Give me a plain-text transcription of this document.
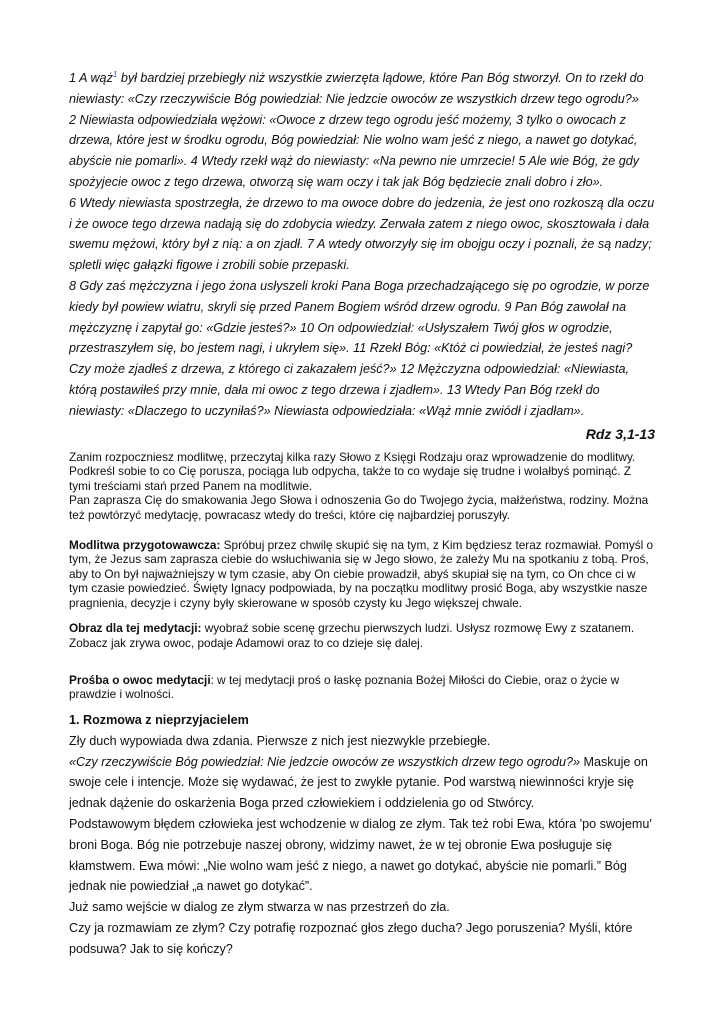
1 A wąż$^1$ był bardziej przebiegły niż wszystkie zwierzęta lądowe, które Pan Bóg stworzył. On to rzekł do niewiasty: «Czy rzeczywiście Bóg powiedział: Nie jedzcie owoców ze wszystkich drzew tego ogrodu?»

2 Niewiasta odpowiedziała wężowi: «Owoce z drzew tego ogrodu jeść możemy, 3 tylko o owocach z drzewa, które jest w środku ogrodu, Bóg powiedział: Nie wolno wam jeść z niego, a nawet go dotykać, abyście nie pomarli». 4 Wtedy rzekł wąż do niewiasty: «Na pewno nie umrzecie! 5 Ale wie Bóg, że gdy spożyjecie owoc z tego drzewa, otworzą się wam oczy i tak jak Bóg będziecie znali dobro i zło».

6 Wtedy niewiasta spostrzegła, że drzewo to ma owoce dobre do jedzenia, że jest ono rozkoszą dla oczu i że owoce tego drzewa nadają się do zdobycia wiedzy. Zerwała zatem z niego owoc, skosztowała i dała swemu mężowi, który był z nią: a on zjadł. 7 A wtedy otworzyły się im obojgu oczy i poznali, że są nadzy; spletli więc gałązki figowe i zrobili sobie przepaski.

8 Gdy zaś mężczyzna i jego żona usłyszeli kroki Pana Boga przechadzającego się po ogrodzie, w porze kiedy był powiew wiatru, skryli się przed Panem Bogiem wśród drzew ogrodu. 9 Pan Bóg zawołał na mężczyznę i zapytał go: «Gdzie jesteś?» 10 On odpowiedział: «Usłyszałem Twój głos w ogrodzie, przestraszyłem się, bo jestem nagi, i ukryłem się». 11 Rzekł Bóg: «Któż ci powiedział, że jesteś nagi? Czy może zjadłeś z drzewa, z którego ci zakazałem jeść?» 12 Mężczyzna odpowiedział: «Niewiasta, którą postawiłeś przy mnie, dała mi owoc z tego drzewa i zjadłem». 13 Wtedy Pan Bóg rzekł do niewiasty: «Dlaczego to uczyniłaś?» Niewiasta odpowiedziała: «Wąż mnie zwiódł i zjadłam».

Rdz 3,1-13

Zanim rozpoczniesz modlitwę, przeczytaj kilka razy Słowo z Księgi Rodzaju oraz wprowadzenie do modlitwy. Podkreśl sobie to co Cię porusza, pociąga lub odpycha, także to co wydaje się trudne i wolałbyś pominąć. Z tymi treściami stań przed Panem na modlitwie.

Pan zaprasza Cię do smakowania Jego Słowa i odnoszenia Go do Twojego życia, małżeństwa, rodziny. Można też powtórzyć medytację, powracasz wtedy do treści, które cię najbardziej poruszyły.

Modlitwa przygotowawcza: Spróbuj przez chwilę skupić się na tym, z Kim będziesz teraz rozmawiał. Pomyśl o tym, że Jezus sam zaprasza ciebie do wsłuchiwania się w Jego słowo, że zależy Mu na spotkaniu z tobą. Proś, aby to On był najważniejszy w tym czasie, aby On ciebie prowadził, abyś skupiał się na tym, co On chce ci w tym czasie powiedzieć. Święty Ignacy podpowiada, by na początku modlitwy prosić Boga, aby wszystkie nasze pragnienia, decyzje i czyny były skierowane w sposób czysty ku Jego większej chwale.

Obraz dla tej medytacji: wyobraź sobie scenę grzechu pierwszych ludzi. Usłysz rozmowę Ewy z szatanem. Zobacz jak zrywa owoc, podaje Adamowi oraz to co dzieje się dalej.

Prośba o owoc medytacji: w tej medytacji proś o łaskę poznania Bożej Miłości do Ciebie, oraz o życie w prawdzie i wolności.

1. Rozmowa z nieprzyjacielem

Zły duch wypowiada dwa zdania. Pierwsze z nich jest niezwykle przebiegłe.

«Czy rzeczywiście Bóg powiedział: Nie jedzcie owoców ze wszystkich drzew tego ogrodu?» Maskuje on swoje cele i intencje. Może się wydawać, że jest to zwykłe pytanie. Pod warstwą niewinności kryje się jednak dążenie do oskarżenia Boga przed człowiekiem i oddzielenia go od Stwórcy.

Podstawowym błędem człowieka jest wchodzenie w dialog ze złym. Tak też robi Ewa, która 'po swojemu' broni Boga. Bóg nie potrzebuje naszej obrony, widzimy nawet, że w tej obronie Ewa posługuje się kłamstwem. Ewa mówi: „Nie wolno wam jeść z niego, a nawet go dotykać, abyście nie pomarli.” Bóg jednak nie powiedział „a nawet go dotykać”.

Już samo wejście w dialog ze złym stwarza w nas przestrzeń do zła.

Czy ja rozmawiam ze złym? Czy potrafię rozpoznać głos złego ducha? Jego poruszenia? Myśli, które podsuwa? Jak to się kończy?
